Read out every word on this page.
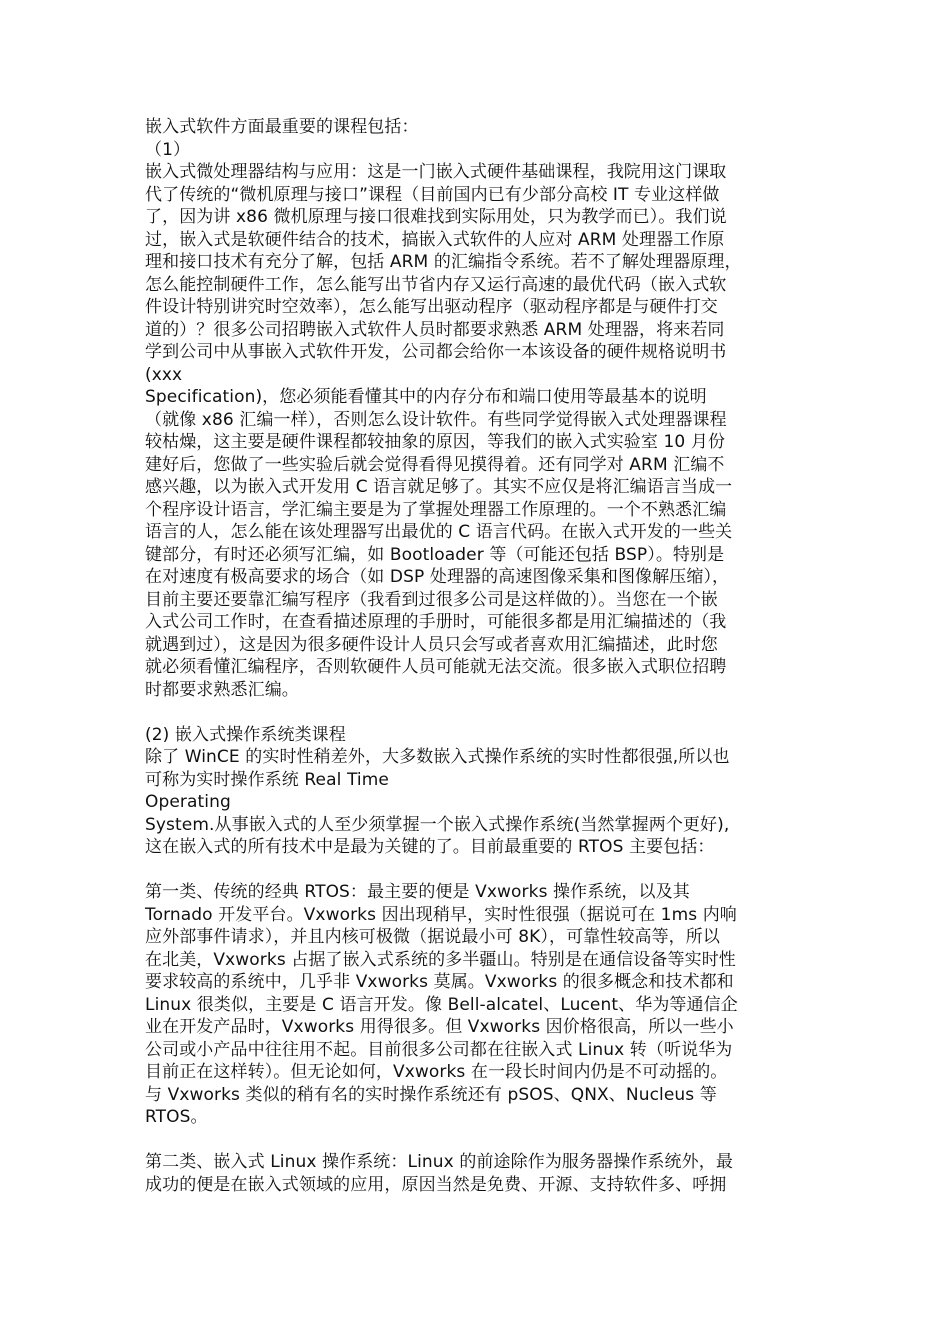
嵌入式软件方面最重要的课程包括：
（1）
嵌入式微处理器结构与应用：这是一门嵌入式硬件基础课程，我院用这门课取
代了传统的“微机原理与接口”课程（目前国内已有少部分高校 IT 专业这样做
了，因为讲 x86 微机原理与接口很难找到实际用处，只为教学而已）。我们说
过，嵌入式是软硬件结合的技术，搞嵌入式软件的人应对 ARM 处理器工作原
理和接口技术有充分了解，包括 ARM 的汇编指令系统。若不了解处理器原理，
怎么能控制硬件工作，怎么能写出节省内存又运行高速的最优代码（嵌入式软
件设计特别讲究时空效率），怎么能写出驱动程序（驱动程序都是与硬件打交
道的）？很多公司招聘嵌入式软件人员时都要求熟悉 ARM 处理器，将来若同
学到公司中从事嵌入式软件开发，公司都会给你一本该设备的硬件规格说明书
(xxx
Specification)，您必须能看懂其中的内存分布和端口使用等最基本的说明
（就像 x86 汇编一样），否则怎么设计软件。有些同学觉得嵌入式处理器课程
较枯燥，这主要是硬件课程都较抽象的原因，等我们的嵌入式实验室 10 月份
建好后，您做了一些实验后就会觉得看得见摸得着。还有同学对 ARM 汇编不
感兴趣，以为嵌入式开发用 C 语言就足够了。其实不应仅是将汇编语言当成一
个程序设计语言，学汇编主要是为了掌握处理器工作原理的。一个不熟悉汇编
语言的人，怎么能在该处理器写出最优的 C 语言代码。在嵌入式开发的一些关
键部分，有时还必须写汇编，如 Bootloader 等（可能还包括 BSP）。特别是
在对速度有极高要求的场合（如 DSP 处理器的高速图像采集和图像解压缩），
目前主要还要靠汇编写程序（我看到过很多公司是这样做的）。当您在一个嵌
入式公司工作时，在查看描述原理的手册时，可能很多都是用汇编描述的（我
就遇到过），这是因为很多硬件设计人员只会写或者喜欢用汇编描述，此时您
就必须看懂汇编程序，否则软硬件人员可能就无法交流。很多嵌入式职位招聘
时都要求熟悉汇编。
(2) 嵌入式操作系统类课程
除了 WinCE 的实时性稍差外，大多数嵌入式操作系统的实时性都很强,所以也
可称为实时操作系统 Real Time
Operating
System.从事嵌入式的人至少须掌握一个嵌入式操作系统(当然掌握两个更好),
这在嵌入式的所有技术中是最为关键的了。目前最重要的 RTOS 主要包括：
第一类、传统的经典 RTOS：最主要的便是 Vxworks 操作系统，以及其
Tornado 开发平台。Vxworks 因出现稍早，实时性很强（据说可在 1ms 内响
应外部事件请求），并且内核可极微（据说最小可 8K），可靠性较高等，所以
在北美，Vxworks 占据了嵌入式系统的多半疆山。特别是在通信设备等实时性
要求较高的系统中，几乎非 Vxworks 莫属。Vxworks 的很多概念和技术都和
Linux 很类似，主要是 C 语言开发。像 Bell-alcatel、Lucent、华为等通信企
业在开发产品时，Vxworks 用得很多。但 Vxworks 因价格很高，所以一些小
公司或小产品中往往用不起。目前很多公司都在往嵌入式 Linux 转（听说华为
目前正在这样转）。但无论如何，Vxworks 在一段长时间内仍是不可动摇的。
与 Vxworks 类似的稍有名的实时操作系统还有 pSOS、QNX、Nucleus 等
RTOS。
第二类、嵌入式 Linux 操作系统：Linux 的前途除作为服务器操作系统外，最
成功的便是在嵌入式领域的应用，原因当然是免费、开源、支持软件多、呼拥
